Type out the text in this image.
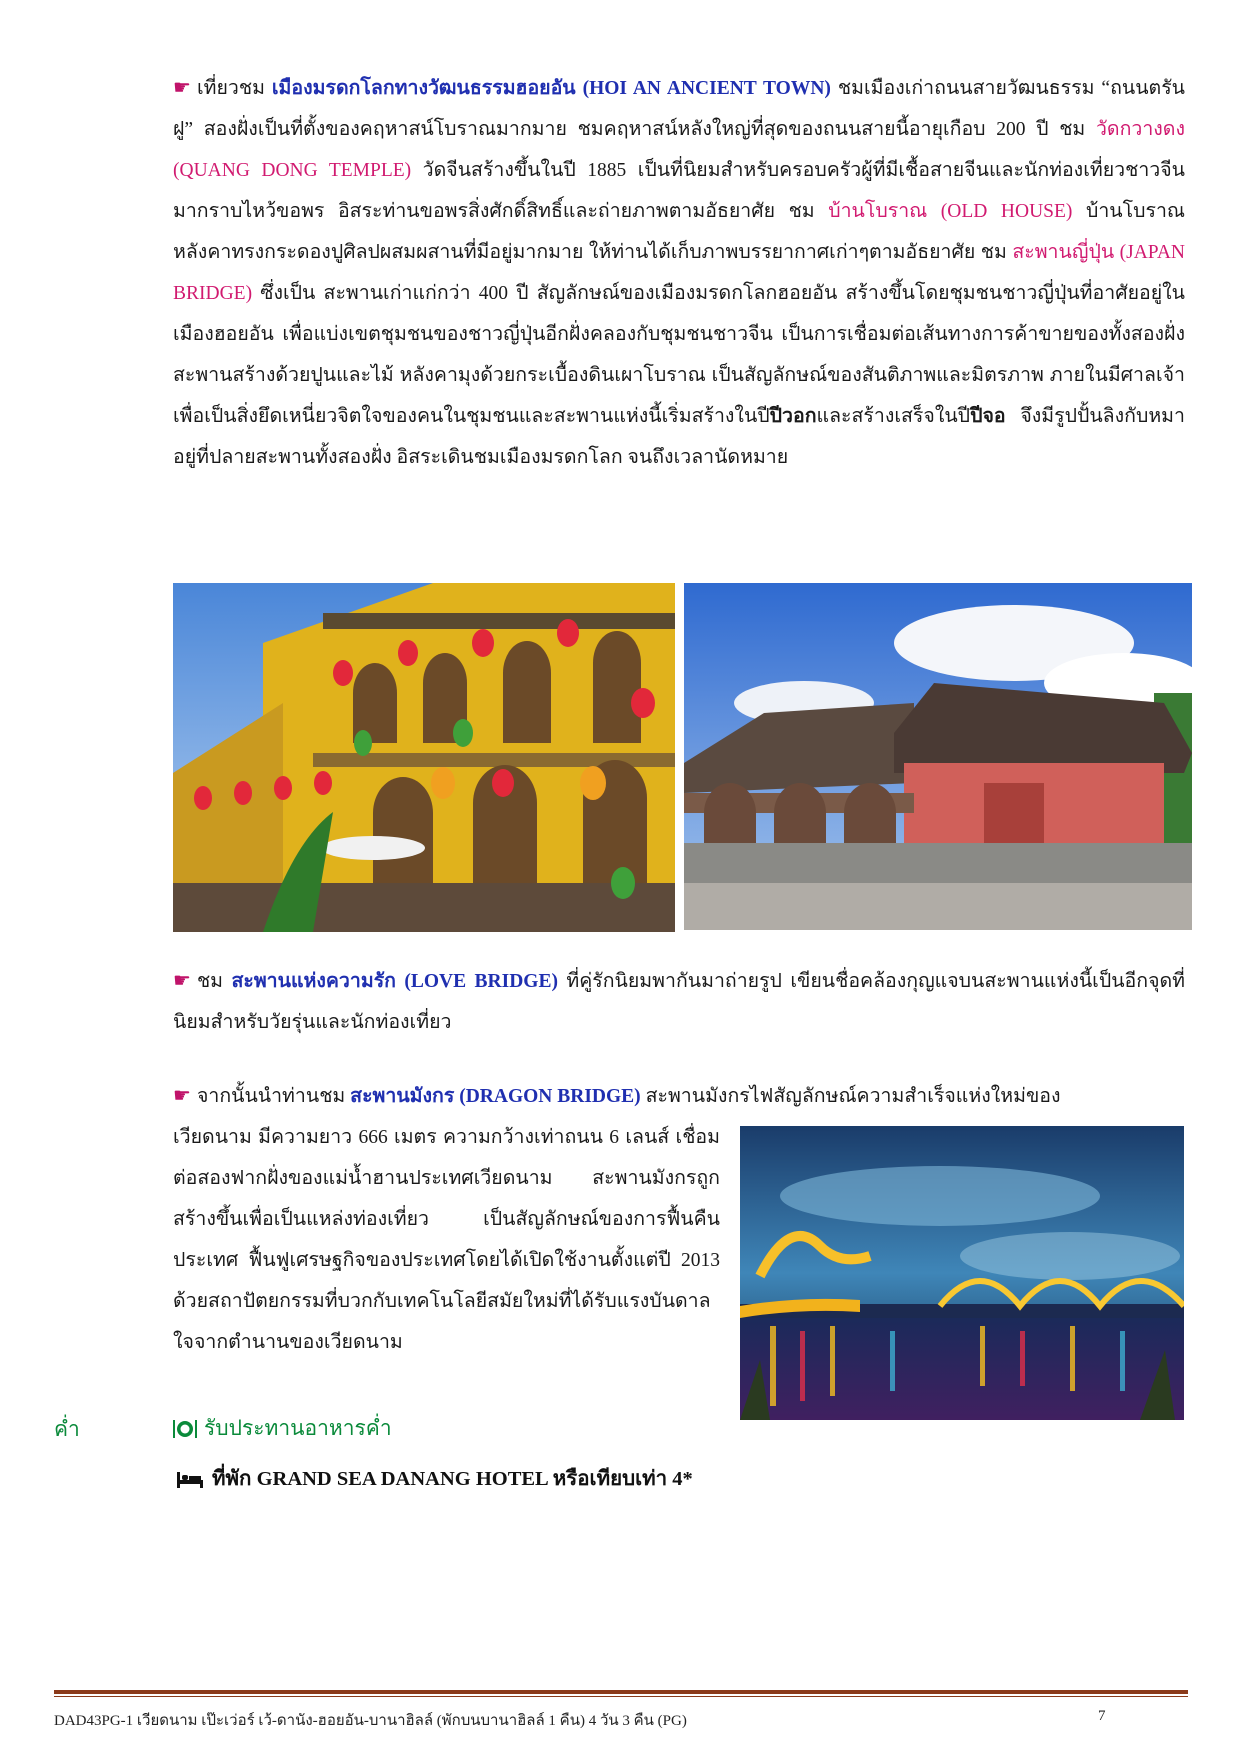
☛ เที่ยวชม เมืองมรดกโลกทางวัฒนธรรมฮอยอัน (HOI AN ANCIENT TOWN) ชมเมืองเก่าถนนสายวัฒนธรรม “ถนนตรันฝู” สองฝั่งเป็นที่ตั้งของคฤหาสน์โบราณมากมาย ชมคฤหาสน์หลังใหญ่ที่สุดของถนนสายนี้อายุเกือบ 200 ปี ชม วัดกวางดง (QUANG DONG TEMPLE) วัดจีนสร้างขึ้นในปี 1885 เป็นที่นิยมสำหรับครอบครัวผู้ที่มีเชื้อสายจีนและนักท่องเที่ยวชาวจีนมากราบไหว้ขอพร อิสระท่านขอพรสิ่งศักดิ์สิทธิ์และถ่ายภาพตามอัธยาศัย ชม บ้านโบราณ (OLD HOUSE) บ้านโบราณหลังคาทรงกระดองปูศิลปผสมผสานที่มีอยู่มากมาย ให้ท่านได้เก็บภาพบรรยากาศเก่าๆตามอัธยาศัย ชม สะพานญี่ปุ่น (JAPAN BRIDGE) ซึ่งเป็น สะพานเก่าแก่กว่า 400 ปี สัญลักษณ์ของเมืองมรดกโลกฮอยอัน สร้างขึ้นโดยชุมชนชาวญี่ปุ่นที่อาศัยอยู่ในเมืองฮอยอัน เพื่อแบ่งเขตชุมชนของชาวญี่ปุ่นอีกฝั่งคลองกับชุมชนชาวจีน เป็นการเชื่อมต่อเส้นทางการค้าขายของทั้งสองฝั่ง สะพานสร้างด้วยปูนและไม้ หลังคามุงด้วยกระเบื้องดินเผาโบราณ เป็นสัญลักษณ์ของสันติภาพและมิตรภาพ ภายในมีศาลเจ้าเพื่อเป็นสิ่งยึดเหนี่ยวจิตใจของคนในชุมชนและสะพานแห่งนี้เริ่มสร้างในปีปีวอกและสร้างเสร็จในปีปีจอ จึงมีรูปปั้นลิงกับหมาอยู่ที่ปลายสะพานทั้งสองฝั่ง อิสระเดินชมเมืองมรดกโลก จนถึงเวลานัดหมาย
☛ ชม สะพานแห่งความรัก (LOVE BRIDGE) ที่คู่รักนิยมพากันมาถ่ายรูป เขียนชื่อคล้องกุญแจบนสะพานแห่งนี้เป็นอีกจุดที่นิยมสำหรับวัยรุ่นและนักท่องเที่ยว
☛ จากนั้นนำท่านชม สะพานมังกร (DRAGON BRIDGE) สะพานมังกรไฟสัญลักษณ์ความสำเร็จแห่งใหม่ของ
เวียดนาม มีความยาว 666 เมตร ความกว้างเท่าถนน 6 เลนส์ เชื่อมต่อสองฟากฝั่งของแม่น้ำฮานประเทศเวียดนาม สะพานมังกรถูกสร้างขึ้นเพื่อเป็นแหล่งท่องเที่ยว เป็นสัญลักษณ์ของการฟื้นคืนประเทศ ฟื้นฟูเศรษฐกิจของประเทศโดยได้เปิดใช้งานตั้งแต่ปี 2013 ด้วยสถาปัตยกรรมที่บวกกับเทคโนโลยีสมัยใหม่ที่ได้รับแรงบันดาลใจจากตำนานของเวียดนาม
ค่ำ	รับประทานอาหารค่ำ
ที่พัก GRAND SEA DANANG HOTEL หรือเทียบเท่า 4*
DAD43PG-1 เวียดนาม เป๊ะเว่อร์ เว้-ดานัง-ฮอยอัน-บานาฮิลล์ (พักบนบานาฮิลล์ 1 คืน) 4 วัน 3 คืน (PG)	7
